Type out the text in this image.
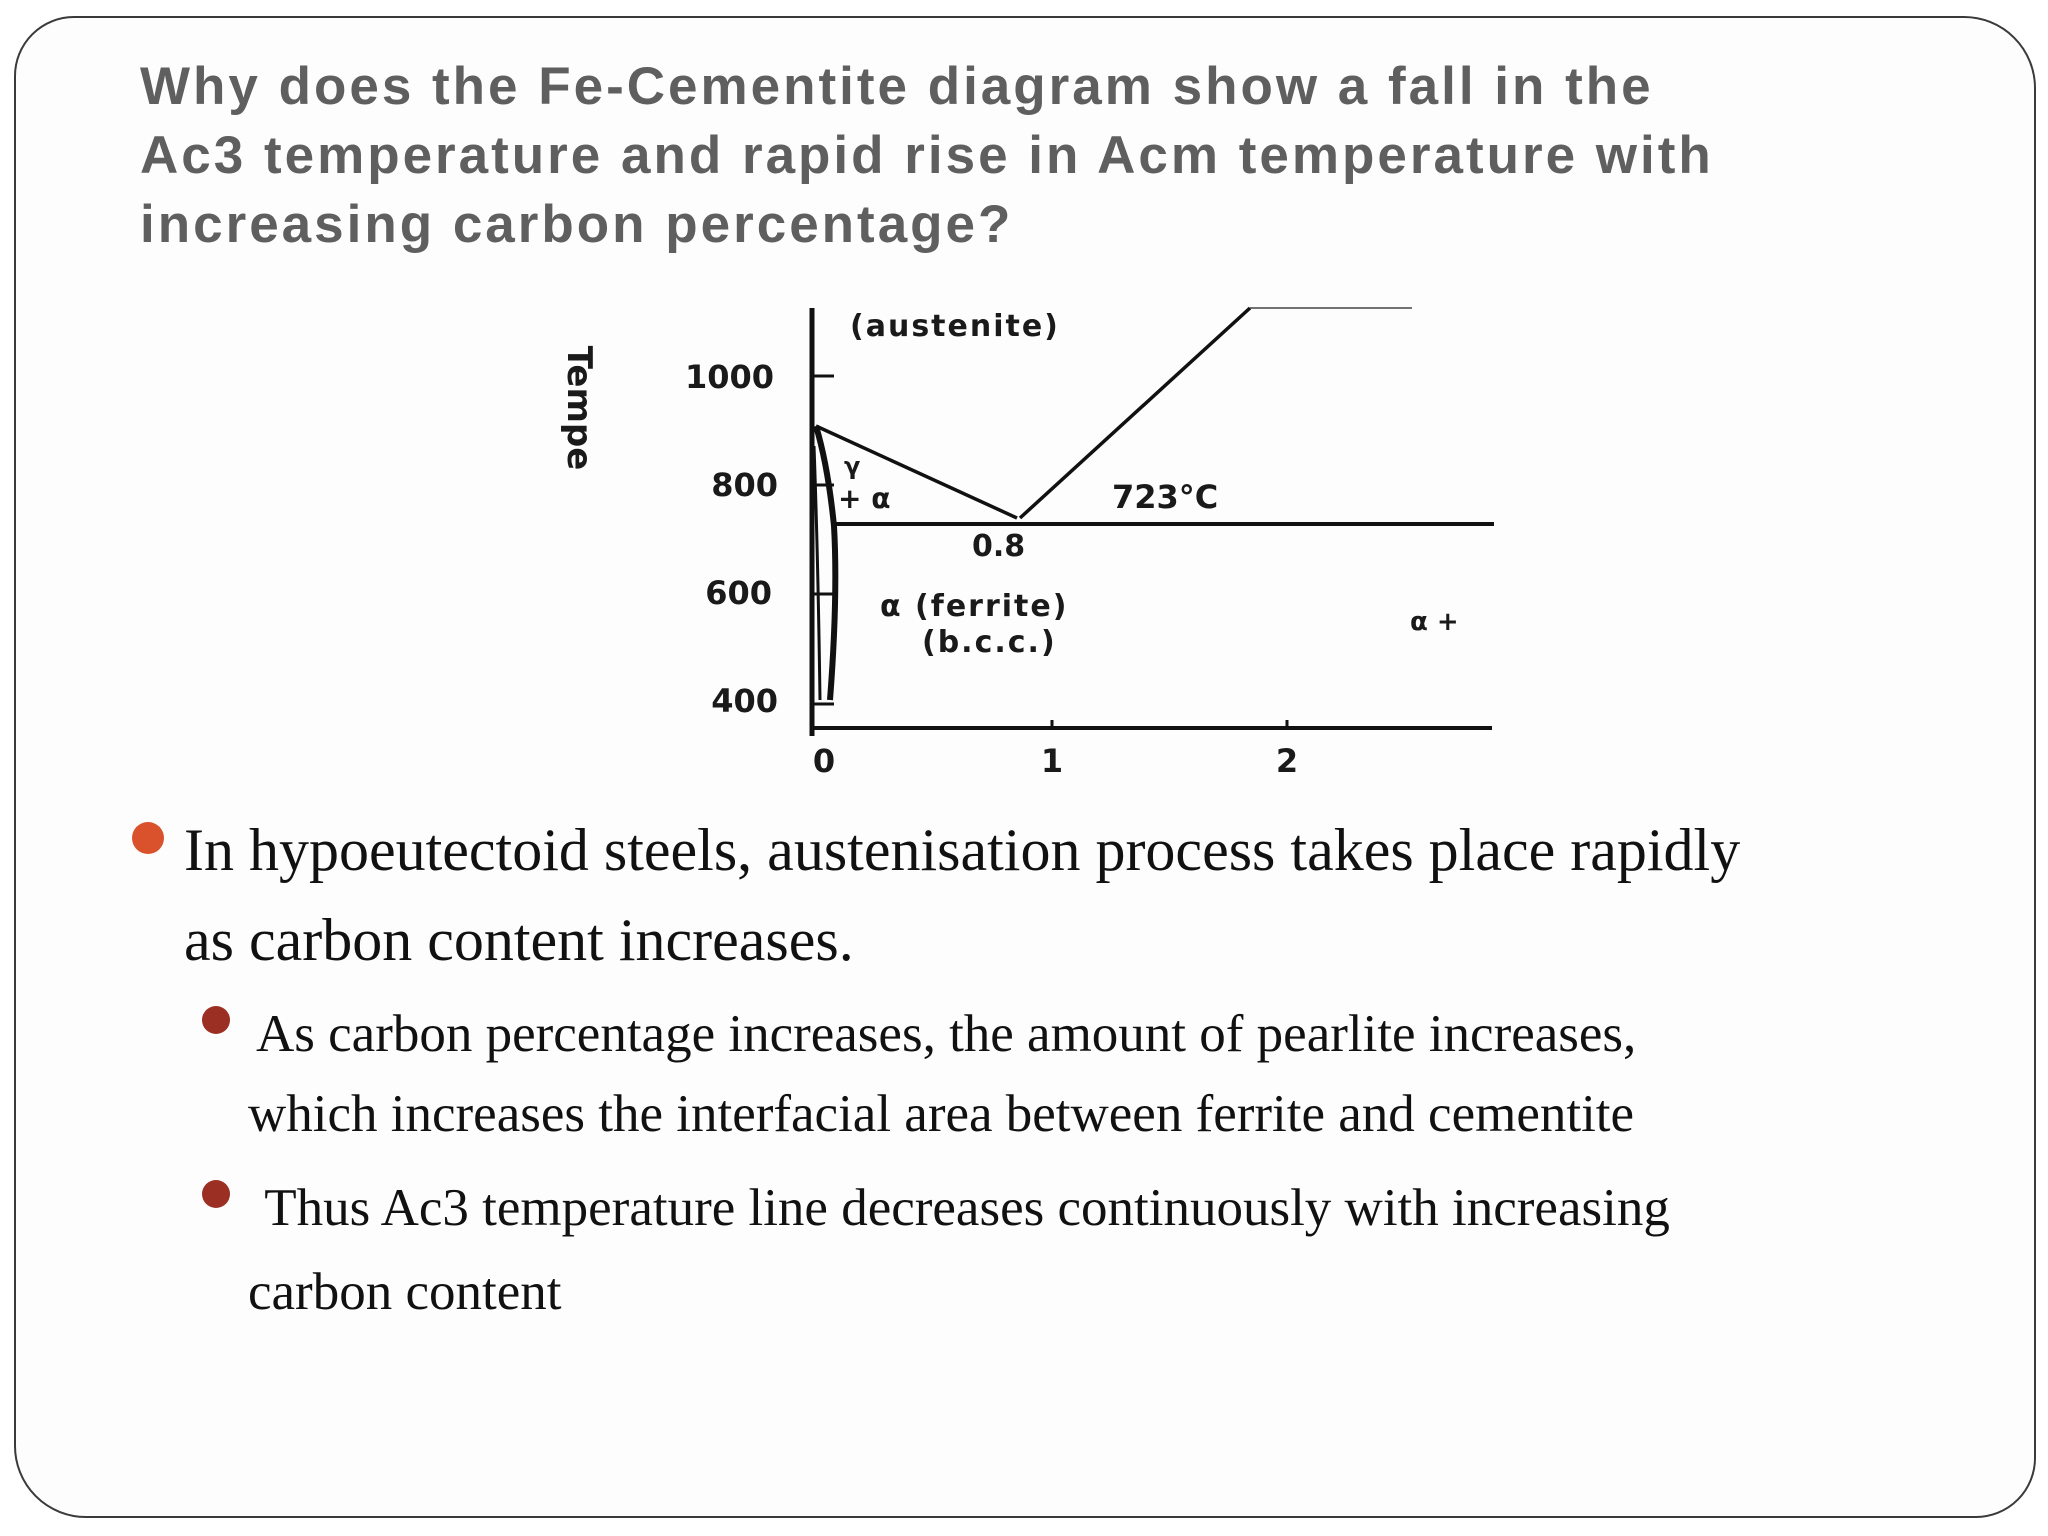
Why does the Fe-Cementite diagram show a fall in the
Ac3 temperature and rapid rise in Acm temperature with
increasing carbon percentage?
Tempe	1000
800
600
400
0	1	2
(austenite)
γ
+ α	723°C
0.8
α (ferrite)
(b.c.c.)
α +

In hypoeutectoid steels, austenisation process takes place rapidly

as carbon content increases.

As carbon percentage increases, the amount of pearlite increases,

which increases the interfacial area between ferrite and cementite

Thus Ac3 temperature line decreases continuously with increasing

carbon content
